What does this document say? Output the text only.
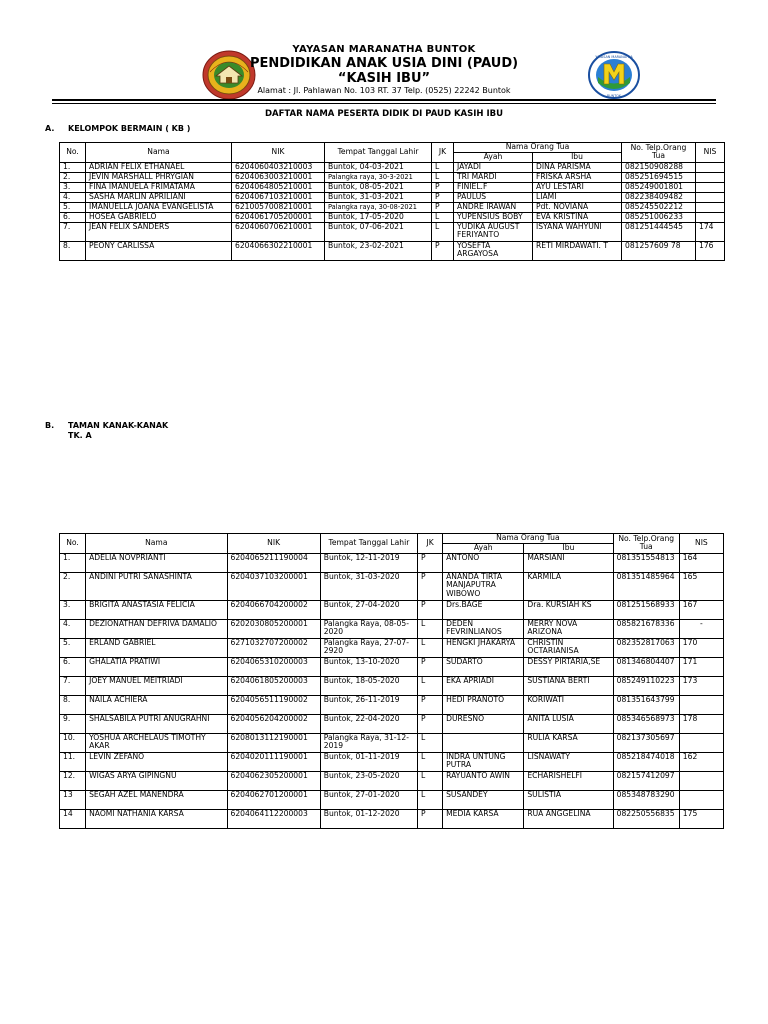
YAYASAN MARANATHA
BUNTOK
YAYASAN MARANATHA BUNTOK
PENDIDIKAN ANAK USIA DINI (PAUD)
“KASIH IBU”
Alamat : Jl. Pahlawan No. 103 RT. 37 Telp. (0525) 22242 Buntok
DAFTAR NAMA PESERTA DIDIK DI PAUD KASIH IBU
A. KELOMPOK BERMAIN ( KB )
No.	Nama	NIK	Tempat Tanggal Lahir	JK	Nama Orang Tua		No. Telp.Orang Tua	NIS
					Ayah	Ibu		
1.	ADRIAN FELIX ETHANAEL	6204060403210003	Buntok, 04-03-2021	L	JAYADI	DINA PARISMA	082150908288	
2.	JEVIN MARSHALL PHRYGIAN	6204063003210001	Palangka raya, 30-3-2021	L	TRI MARDI	FRISKA ARSHA	085251694515	
3.	FINA IMANUELA FRIMATAMA	6204064805210001	Buntok, 08-05-2021	P	FINIEL.F	AYU LESTARI	085249001801	
4.	SASHA MARLIN APRILIANI	6204067103210001	Buntok, 31-03-2021	P	PAULUS	LIAMI	082238409482	
5.	IMANUELLA JOANA EVANGELISTA	6210057008210001	Palangka raya, 30-08-2021	P	ANDRE IRAWAN	Pdt. NOVIANA	085245502212	
6.	HOSEA GABRIELO	6204061705200001	Buntok, 17-05-2020	L	YUPENSIUS BOBY	EVA KRISTINA	085251006233	
7.	JEAN FELIX SANDERS	6204060706210001	Buntok, 07-06-2021	L	YUDIKA AUGUST FERIYANTO	ISYANA WAHYUNI	081251444545	174
8.	PEONY CARLISSA	6204066302210001	Buntok, 23-02-2021	P	YOSEFTA ARGAYOSA	RETI MIRDAWATI. T	081257609 78	176
B. TAMAN KANAK-KANAK
TK. A
No.	Nama	NIK	Tempat Tanggal Lahir	JK	Nama Orang Tua		No. Telp.Orang Tua	NIS
					Ayah	Ibu		
1.	ADELIA NOVPRIANTI	6204065211190004	Buntok, 12-11-2019	P	ANTONO	MARSIANI	081351554813	164
2.	ANDINI PUTRI SANASHINTA	6204037103200001	Buntok, 31-03-2020	P	ANANDA TIRTA MANJAPUTRA WIBOWO	KARMILA	081351485964	165
3.	BRIGITA ANASTASIA FELICIA	6204066704200002	Buntok, 27-04-2020	P	Drs.BAGE	Dra. KURSIAH KS	081251568933	167
4.	DEZIONATHAN DEFRIVA DAMALIO	6202030805200001	Palangka Raya, 08-05-2020	L	DEDEN FEVRINLIANOS	MERRY NOVA ARIZONA	085821678336	-
5.	ERLAND GABRIEL	6271032707200002	Palangka Raya, 27-07-2920	L	HENGKI JHAKARYA	CHRISTIN OCTARIANISA	082352817063	170
6.	GHALATIA PRATIWI	6204065310200003	Buntok, 13-10-2020	P	SUDARTO	DESSY PIRTARIA,SE	081346804407	171
7.	JOEY MANUEL MEITRIADI	6204061805200003	Buntok, 18-05-2020	L	EKA APRIADI	SUSTIANA BERTI	085249110223	173
8.	NAILA ACHIERA	6204056511190002	Buntok, 26-11-2019	P	HEDI PRANOTO	KORIWATI	081351643799	
9.	SHALSABILA PUTRI ANUGRAHNI	6204056204200002	Buntok, 22-04-2020	P	DURESNO	ANITA LUSIA	085346568973	178
10.	YOSHUA ARCHELAUS TIMOTHY AKAR	6208013112190001	Palangka Raya, 31-12-2019	L		RULIA KARSA	082137305697	
11.	LEVIN ZEFANO	6204020111190001	Buntok, 01-11-2019	L	INDRA UNTUNG PUTRA	LISNAWATY	085218474018	162
12.	WIGAS ARYA GIPINGNU	6204062305200001	Buntok, 23-05-2020	L	RAYUANTO AWIN	ECHARISHELFI	082157412097	
13	SEGAH AZEL MANENDRA	6204062701200001	Buntok, 27-01-2020	L	SUSANDEY	SULISTIA	085348783290	
14	NAOMI NATHANIA KARSA	6204064112200003	Buntok, 01-12-2020	P	MEDIA KARSA	RUA ANGGELINA	082250556835	175
